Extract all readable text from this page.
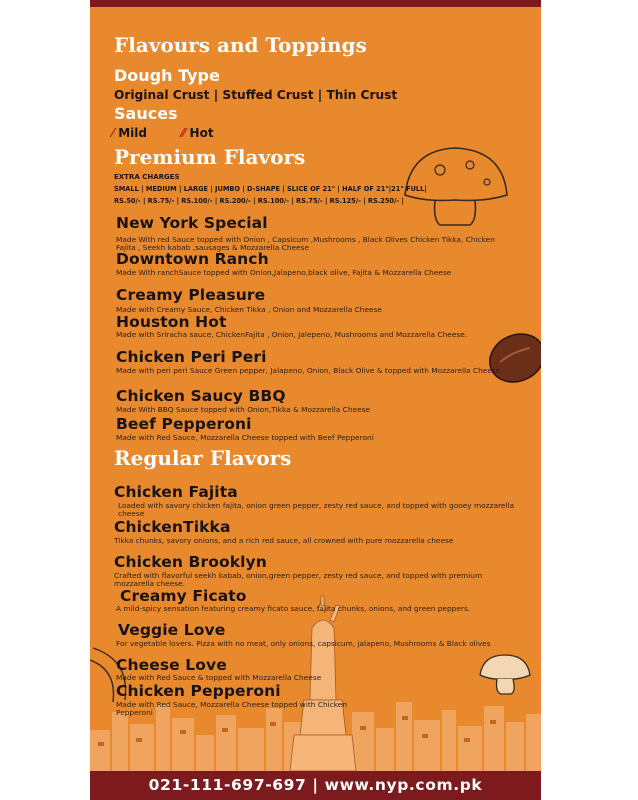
Flavours and Toppings
Dough Type
Original Crust | Stuffed Crust | Thin Crust
Sauces
⁄ Mild	⁄⁄ Hot
Premium Flavors
EXTRA CHARGES
SMALL | MEDIUM | LARGE | JUMBO | D-SHAPE | SLICE OF 21" | HALF OF 21"|21" FULL|
RS.50/- | RS.75/- | RS.100/- | RS.200/- | RS.100/- | RS.75/- | RS.125/- | RS.250/- |
New York Special
Made With red Sauce topped with Onion , Capsicum ,Mushrooms , Black Olives Chicken Tikka, Chicken Fajita , Seekh kabab ,sausages & Mozzarella Cheese
Downtown Ranch
Made With ranchSauce topped with Onion,Jalapeno,black olive, Fajita & Mozzarella Cheese
Creamy Pleasure
Made with Creamy Sauce, Chicken Tikka , Onion and Mozzarella Cheese
Houston Hot
Made with Sriracha sauce, ChickenFajita , Onion, Jalepeno, Mushrooms and Mozzarella Cheese.
Chicken Peri Peri
Made with peri peri Sauce Green pepper, Jalapeno, Onion, Black Olive & topped with Mozzarella Cheese
Chicken Saucy BBQ
Made With BBQ Sauce topped with Onion,Tikka & Mozzarella Cheese
Beef Pepperoni
Made with Red Sauce, Mozzarella Cheese topped with Beef Pepperoni
Regular Flavors
Chicken Fajita
Loaded with savory chicken fajita, onion green pepper, zesty red sauce, and topped with gooey mozzarella cheese
ChickenTikka
Tikka chunks, savory onions, and a rich red sauce, all crowned with pure mozzarella cheese
Chicken Brooklyn
Crafted with flavorful seekh kabab, onion,green pepper, zesty red sauce, and topped with premium mozzarella cheese.
Creamy Ficato
A mild-spicy sensation featuring creamy ficato sauce, fajita chunks, onions, and green peppers.
Veggie Love
For vegetable lovers. Pizza with no meat, only onions, capsicum, jalapeno, Mushrooms & Black olives
Cheese Love
Made with Red Sauce & topped with Mozzarella Cheese
Chicken Pepperoni
Made with Red Sauce, Mozzarella Cheese topped with Chicken Pepperoni
021-111-697-697 | www.nyp.com.pk
